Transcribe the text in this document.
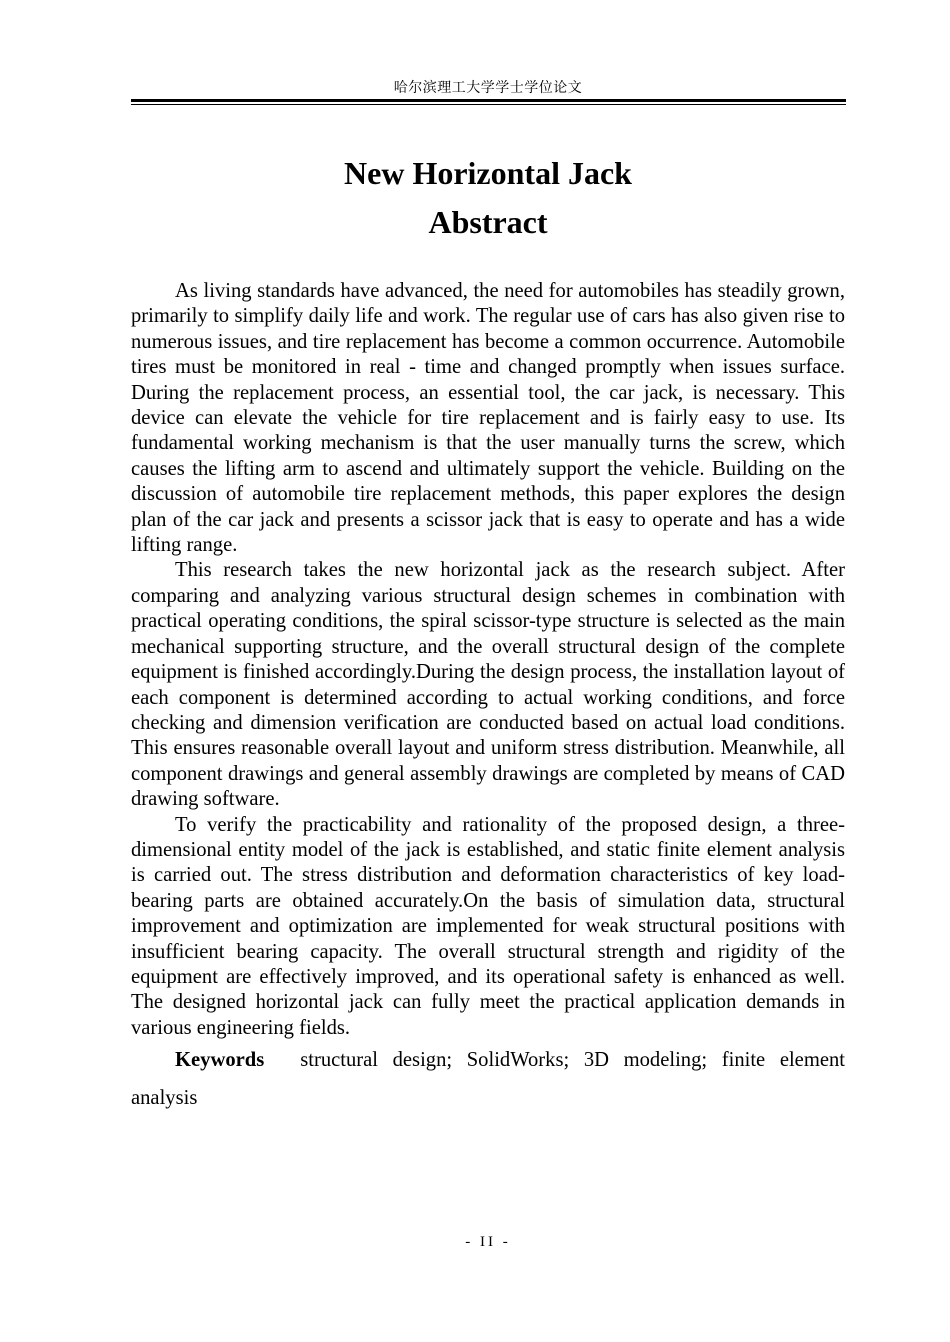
哈尔滨理工大学学士学位论文
New Horizontal Jack
Abstract

As living standards have advanced, the need for automobiles has steadily grown, primarily to simplify daily life and work. The regular use of cars has also given rise to numerous issues, and tire replacement has become a common occurrence. Automobile tires must be monitored in real - time and changed promptly when issues surface. During the replacement process, an essential tool, the car jack, is necessary. This device can elevate the vehicle for tire replacement and is fairly easy to use. Its fundamental working mechanism is that the user manually turns the screw, which causes the lifting arm to ascend and ultimately support the vehicle. Building on the discussion of automobile tire replacement methods, this paper explores the design plan of the car jack and presents a scissor jack that is easy to operate and has a wide lifting range.

This research takes the new horizontal jack as the research subject. After comparing and analyzing various structural design schemes in combination with practical operating conditions, the spiral scissor-type structure is selected as the main mechanical supporting structure, and the overall structural design of the complete equipment is finished accordingly.During the design process, the installation layout of each component is determined according to actual working conditions, and force checking and dimension verification are conducted based on actual load conditions. This ensures reasonable overall layout and uniform stress distribution. Meanwhile, all component drawings and general assembly drawings are completed by means of CAD drawing software.

To verify the practicability and rationality of the proposed design, a three-dimensional entity model of the jack is established, and static finite element analysis is carried out. The stress distribution and deformation characteristics of key load-bearing parts are obtained accurately.On the basis of simulation data, structural improvement and optimization are implemented for weak structural positions with insufficient bearing capacity. The overall structural strength and rigidity of the equipment are effectively improved, and its operational safety is enhanced as well. The designed horizontal jack can fully meet the practical application demands in various engineering fields.

Keywords structural design; SolidWorks; 3D modeling; finite element analysis

- II -
